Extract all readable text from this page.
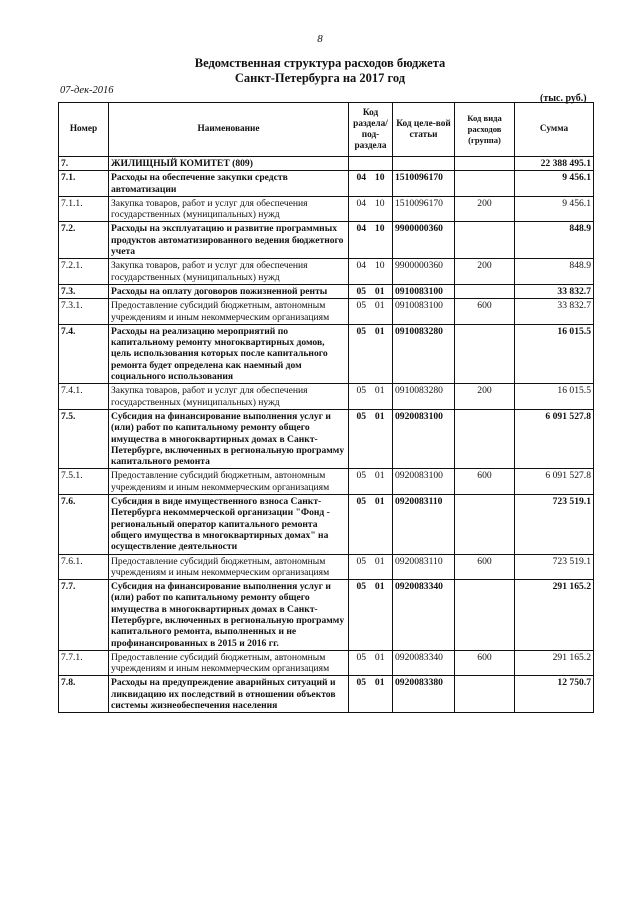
8
Ведомственная структура расходов бюджета
Санкт-Петербурга на 2017 год
07-дек-2016
(тыс. руб.)
Номер	Наименование	Код раздела/ под-раздела	Код целе-вой статьи	Код вида расходов (группа)	Сумма
7.	ЖИЛИЩНЫЙ КОМИТЕТ (809)				22 388 495.1
7.1.	Расходы на обеспечение закупки средств автоматизации	04 10	1510096170		9 456.1
7.1.1.	Закупка товаров, работ и услуг для обеспечения государственных (муниципальных) нужд	04 10	1510096170	200	9 456.1
7.2.	Расходы на эксплуатацию и развитие программных продуктов автоматизированного ведения бюджетного учета	04 10	9900000360		848.9
7.2.1.	Закупка товаров, работ и услуг для обеспечения государственных (муниципальных) нужд	04 10	9900000360	200	848.9
7.3.	Расходы на оплату договоров пожизненной ренты	05 01	0910083100		33 832.7
7.3.1.	Предоставление субсидий бюджетным, автономным учреждениям и иным некоммерческим организациям	05 01	0910083100	600	33 832.7
7.4.	Расходы на реализацию мероприятий по капитальному ремонту многоквартирных домов, цель использования которых после капитального ремонта будет определена как наемный дом социального использования	05 01	0910083280		16 015.5
7.4.1.	Закупка товаров, работ и услуг для обеспечения государственных (муниципальных) нужд	05 01	0910083280	200	16 015.5
7.5.	Субсидия на финансирование выполнения услуг и (или) работ по капитальному ремонту общего имущества в многоквартирных домах в Санкт-Петербурге, включенных в региональную программу капитального ремонта	05 01	0920083100		6 091 527.8
7.5.1.	Предоставление субсидий бюджетным, автономным учреждениям и иным некоммерческим организациям	05 01	0920083100	600	6 091 527.8
7.6.	Субсидия в виде имущественного взноса Санкт-Петербурга некоммерческой организации "Фонд - региональный оператор капитального ремонта общего имущества в многоквартирных домах" на осуществление деятельности	05 01	0920083110		723 519.1
7.6.1.	Предоставление субсидий бюджетным, автономным учреждениям и иным некоммерческим организациям	05 01	0920083110	600	723 519.1
7.7.	Субсидия на финансирование выполнения услуг и (или) работ по капитальному ремонту общего имущества в многоквартирных домах в Санкт-Петербурге, включенных в региональную программу капитального ремонта, выполненных и не профинансированных в 2015 и 2016 гг.	05 01	0920083340		291 165.2
7.7.1.	Предоставление субсидий бюджетным, автономным учреждениям и иным некоммерческим организациям	05 01	0920083340	600	291 165.2
7.8.	Расходы на предупреждение аварийных ситуаций и ликвидацию их последствий в отношении объектов системы жизнеобеспечения населения	05 01	0920083380		12 750.7
